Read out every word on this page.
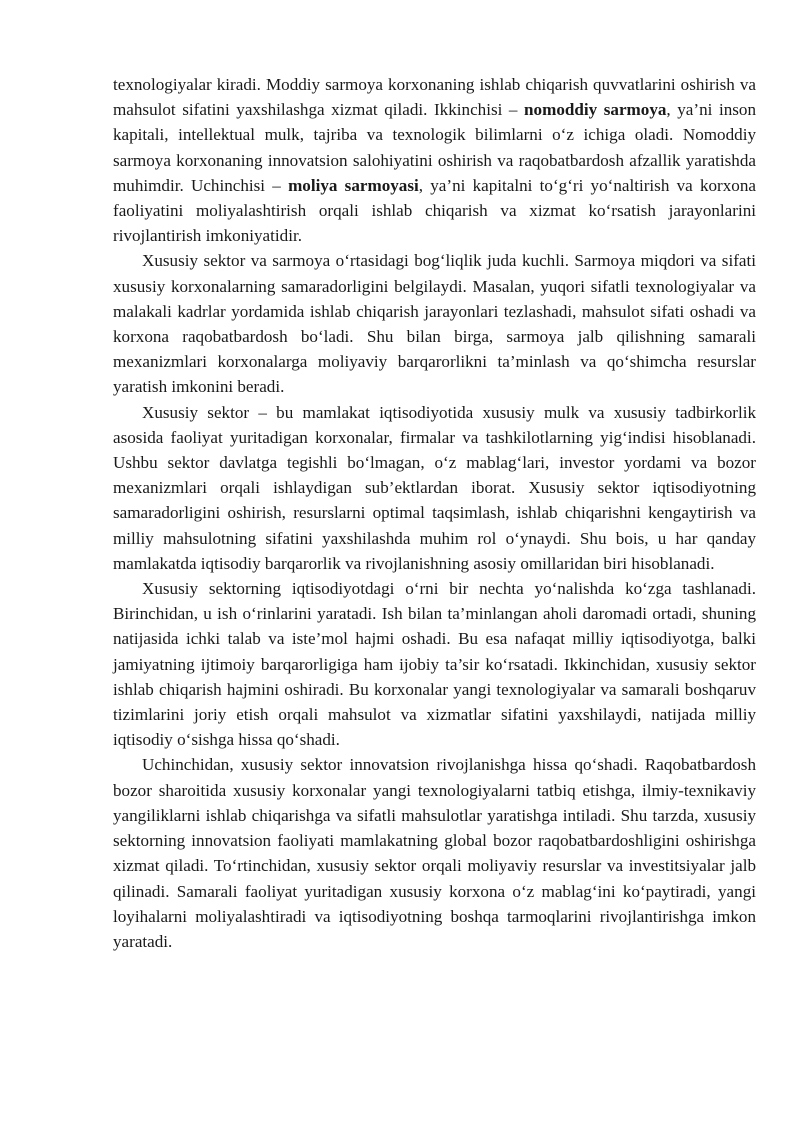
texnologiyalar kiradi. Moddiy sarmoya korxonaning ishlab chiqarish quvvatlarini oshirish va mahsulot sifatini yaxshilashga xizmat qiladi. Ikkinchisi – nomoddiy sarmoya, ya’ni inson kapitali, intellektual mulk, tajriba va texnologik bilimlarni o‘z ichiga oladi. Nomoddiy sarmoya korxonaning innovatsion salohiyatini oshirish va raqobatbardosh afzallik yaratishda muhimdir. Uchinchisi – moliya sarmoyasi, ya’ni kapitalni to‘g‘ri yo‘naltirish va korxona faoliyatini moliyalashtirish orqali ishlab chiqarish va xizmat ko‘rsatish jarayonlarini rivojlantirish imkoniyatidir.

Xususiy sektor va sarmoya o‘rtasidagi bog‘liqlik juda kuchli. Sarmoya miqdori va sifati xususiy korxonalarning samaradorligini belgilaydi. Masalan, yuqori sifatli texnologiyalar va malakali kadrlar yordamida ishlab chiqarish jarayonlari tezlashadi, mahsulot sifati oshadi va korxona raqobatbardosh bo‘ladi. Shu bilan birga, sarmoya jalb qilishning samarali mexanizmlari korxonalarga moliyaviy barqarorlikni ta’minlash va qo‘shimcha resurslar yaratish imkonini beradi.

Xususiy sektor – bu mamlakat iqtisodiyotida xususiy mulk va xususiy tadbirkorlik asosida faoliyat yuritadigan korxonalar, firmalar va tashkilotlarning yig‘indisi hisoblanadi. Ushbu sektor davlatga tegishli bo‘lmagan, o‘z mablag‘lari, investor yordami va bozor mexanizmlari orqali ishlaydigan sub’ektlardan iborat. Xususiy sektor iqtisodiyotning samaradorligini oshirish, resurslarni optimal taqsimlash, ishlab chiqarishni kengaytirish va milliy mahsulotning sifatini yaxshilashda muhim rol o‘ynaydi. Shu bois, u har qanday mamlakatda iqtisodiy barqarorlik va rivojlanishning asosiy omillaridan biri hisoblanadi.

Xususiy sektorning iqtisodiyotdagi o‘rni bir nechta yo‘nalishda ko‘zga tashlanadi. Birinchidan, u ish o‘rinlarini yaratadi. Ish bilan ta’minlangan aholi daromadi ortadi, shuning natijasida ichki talab va iste’mol hajmi oshadi. Bu esa nafaqat milliy iqtisodiyotga, balki jamiyatning ijtimoiy barqarorligiga ham ijobiy ta’sir ko‘rsatadi. Ikkinchidan, xususiy sektor ishlab chiqarish hajmini oshiradi. Bu korxonalar yangi texnologiyalar va samarali boshqaruv tizimlarini joriy etish orqali mahsulot va xizmatlar sifatini yaxshilaydi, natijada milliy iqtisodiy o‘sishga hissa qo‘shadi.

Uchinchidan, xususiy sektor innovatsion rivojlanishga hissa qo‘shadi. Raqobatbardosh bozor sharoitida xususiy korxonalar yangi texnologiyalarni tatbiq etishga, ilmiy-texnikaviy yangiliklarni ishlab chiqarishga va sifatli mahsulotlar yaratishga intiladi. Shu tarzda, xususiy sektorning innovatsion faoliyati mamlakatning global bozor raqobatbardoshligini oshirishga xizmat qiladi. To‘rtinchidan, xususiy sektor orqali moliyaviy resurslar va investitsiyalar jalb qilinadi. Samarali faoliyat yuritadigan xususiy korxona o‘z mablag‘ini ko‘paytiradi, yangi loyihalarni moliyalashtiradi va iqtisodiyotning boshqa tarmoqlarini rivojlantirishga imkon yaratadi.
